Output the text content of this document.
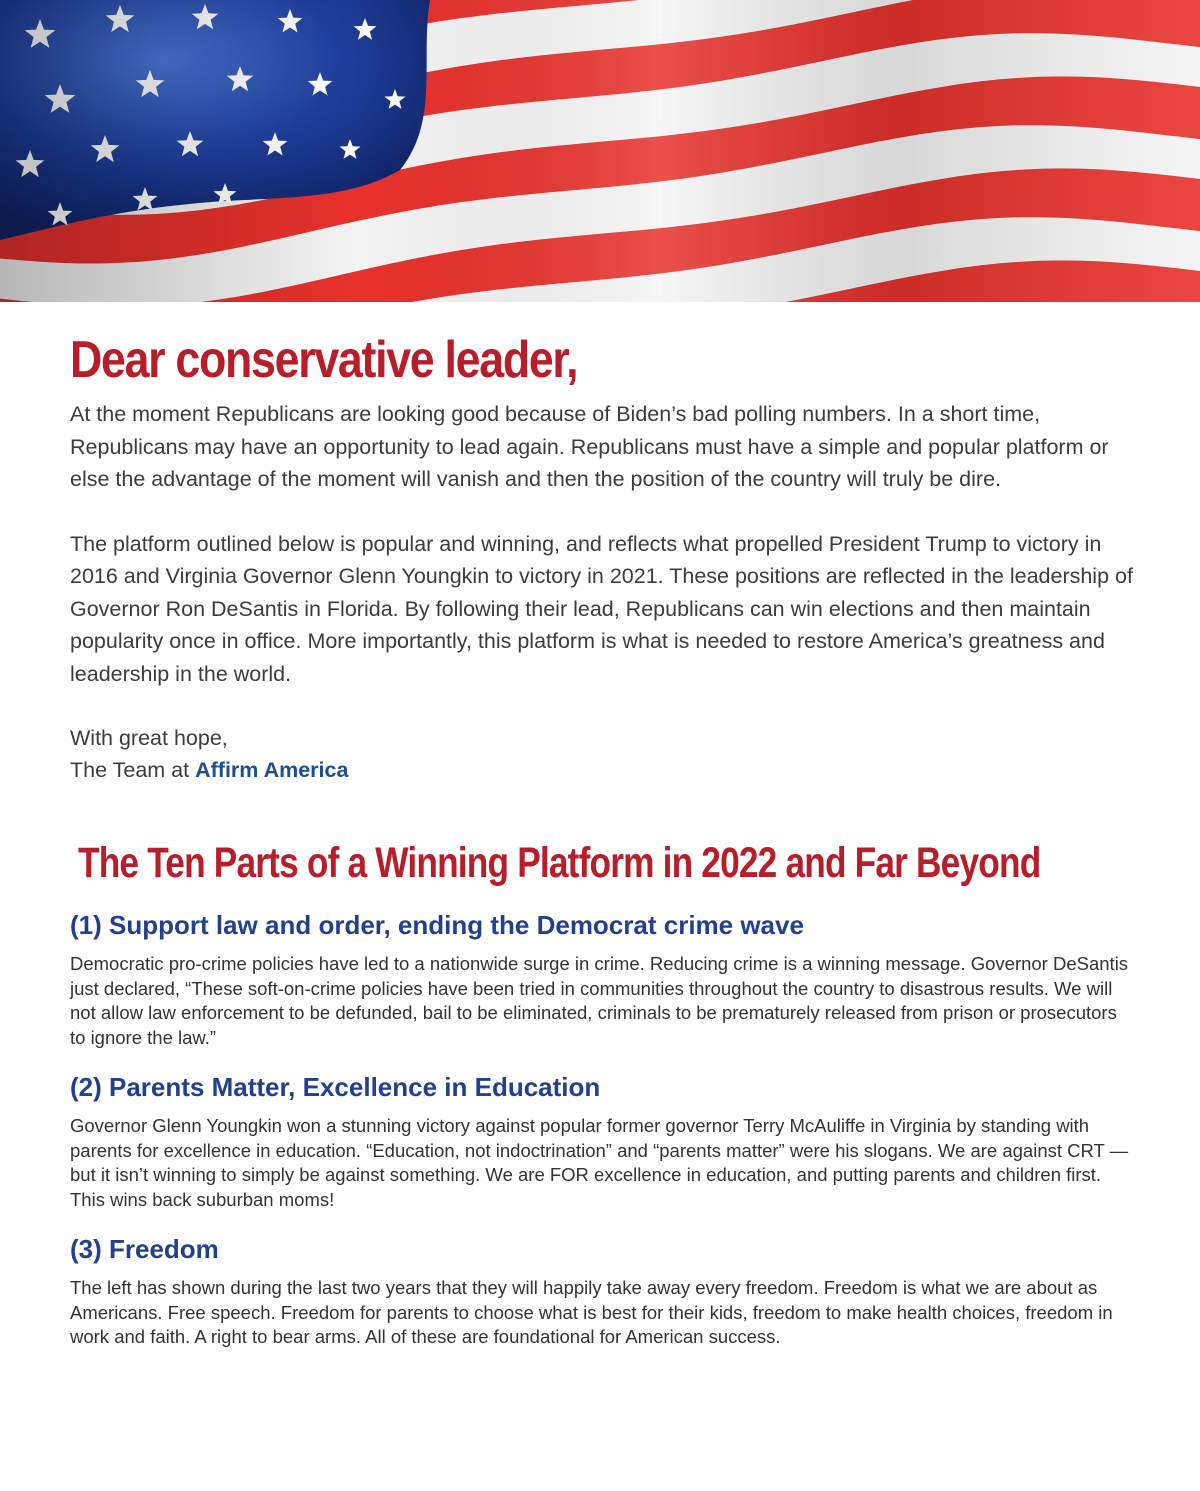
Dear conservative leader,

At the moment Republicans are looking good because of Biden’s bad polling numbers. In a short time, Republicans may have an opportunity to lead again. Republicans must have a simple and popular platform or else the advantage of the moment will vanish and then the position of the country will truly be dire.

The platform outlined below is popular and winning, and reflects what propelled President Trump to victory in 2016 and Virginia Governor Glenn Youngkin to victory in 2021. These positions are reflected in the leadership of Governor Ron DeSantis in Florida. By following their lead, Republicans can win elections and then maintain popularity once in office. More importantly, this platform is what is needed to restore America’s greatness and leadership in the world.

With great hope,

The Team at Affirm America

The Ten Parts of a Winning Platform in 2022 and Far Beyond
(1) Support law and order, ending the Democrat crime wave

Democratic pro-crime policies have led to a nationwide surge in crime. Reducing crime is a winning message. Governor DeSantis just declared, “These soft-on-crime policies have been tried in communities throughout the country to disastrous results. We will not allow law enforcement to be defunded, bail to be eliminated, criminals to be prematurely released from prison or prosecutors to ignore the law.”

(2) Parents Matter, Excellence in Education

Governor Glenn Youngkin won a stunning victory against popular former governor Terry McAuliffe in Virginia by standing with parents for excellence in education. “Education, not indoctrination” and “parents matter” were his slogans. We are against CRT — but it isn’t winning to simply be against something. We are FOR excellence in education, and putting parents and children first. This wins back suburban moms!

(3) Freedom

The left has shown during the last two years that they will happily take away every freedom. Freedom is what we are about as Americans. Free speech. Freedom for parents to choose what is best for their kids, freedom to make health choices, freedom in work and faith. A right to bear arms. All of these are foundational for American success.
